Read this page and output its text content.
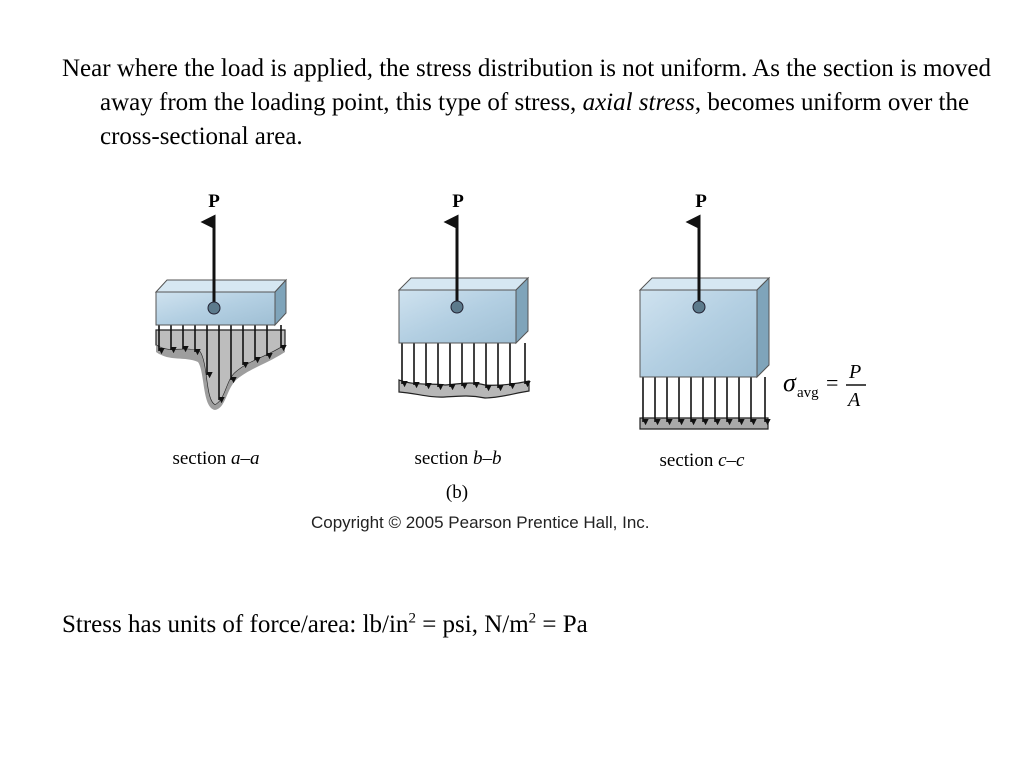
Near where the load is applied, the stress distribution is not uniform. As the section is moved away from the loading point, this type of stress, axial stress, becomes uniform over the cross-sectional area.
P
section a–a
P
section b–b
P
section c–c
σ avg = P
A
(b)
Copyright © 2005 Pearson Prentice Hall, Inc.
Stress has units of force/area: $lb/in^2$ = psi, $N/m^2 = Pa$
